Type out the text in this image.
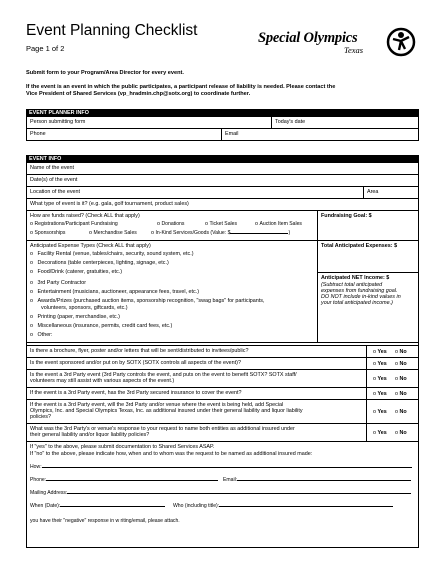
Event Planning Checklist
Page 1 of 2
Special Olympics
Texas
Submit form to your Program/Area Director for every event.
If the event is an event in which the public participates, a participant release of liability is needed. Please contact the
Vice President of Shared Services (vp_hradmin.chp@sotx.org) to coordinate further.
EVENT PLANNER INFO
Person submitting form	Today's date
Phone	Email
EVENT INFO
Name of the event
Date(s) of the event
Location of the event	Area
What type of event is it? (e.g. gala, golf tournament, product sales)
How are funds raised? (Check ALL that apply)
o Registrations/Participant Fundraising	o Donations	o Ticket Sales	o Auction Item Sales
o Sponsorships	o Merchandise Sales	o In-Kind Services/Goods (Value: $	)
Fundraising Goal: $
Anticipated Expense Types (Check ALL that apply)
o   Facility Rental (venue, tables/chairs, security, sound system, etc.)
o   Decorations (table centerpieces, lighting, signage, etc.)
o   Food/Drink (caterer, gratuities, etc.)
o   3rd Party Contractor
o   Entertainment (musicians, auctioneer, appearance fees, travel, etc.)
o   Awards/Prizes (purchased auction items, sponsorship recognition, "swag bags" for participants,
volunteers, sponsors, giftcards, etc.)
o   Printing (paper, merchandise, etc.)
o   Miscellaneous (insurance, permits, credit card fees, etc.)
o   Other:
Total Anticipated Expenses: $
Anticipated NET Income: $
(Subtract total anticipated
expenses from fundraising goal.
DO NOT include in-kind values in
your total anticipated income.)
Is there a brochure, flyer, poster and/or letters that will be sent/distributed to invitees/public?	o Yes o No
Is the event sponsored and/or put on by SOTX (SOTX controls all aspects of the event)?	o Yes o No
Is the event a 3rd Party event (3rd Party controls the event, and puts on the event to benefit SOTX? SOTX staff/
volunteers may still assist with various aspects of the event.)	o Yes o No
If the event is a 3rd Party event, has the 3rd Party secured insurance to cover the event?	o Yes o No
If the event is a 3rd Party event, will the 3rd Party and/or venue where the event is being held, add Special
Olympics, Inc. and Special Olympics Texas, Inc. as additional insured under their general liability and liquor liability
policies?
o Yes o No
What was the 3rd Party's or venue's response to your request to name both entities as additional insured under
their general liability and/or liquor liability policies?	o Yes o No
If "yes" to the above, please submit documentation to Shared Services ASAP.
If "no" to the above, please indicate how, when and to whom was the request to be named as additional insured made:
How:
Phone:	Email:
Mailing Address:
When (Date):	Who (including title):
you have their "negative" response in w riting/email, please attach.
